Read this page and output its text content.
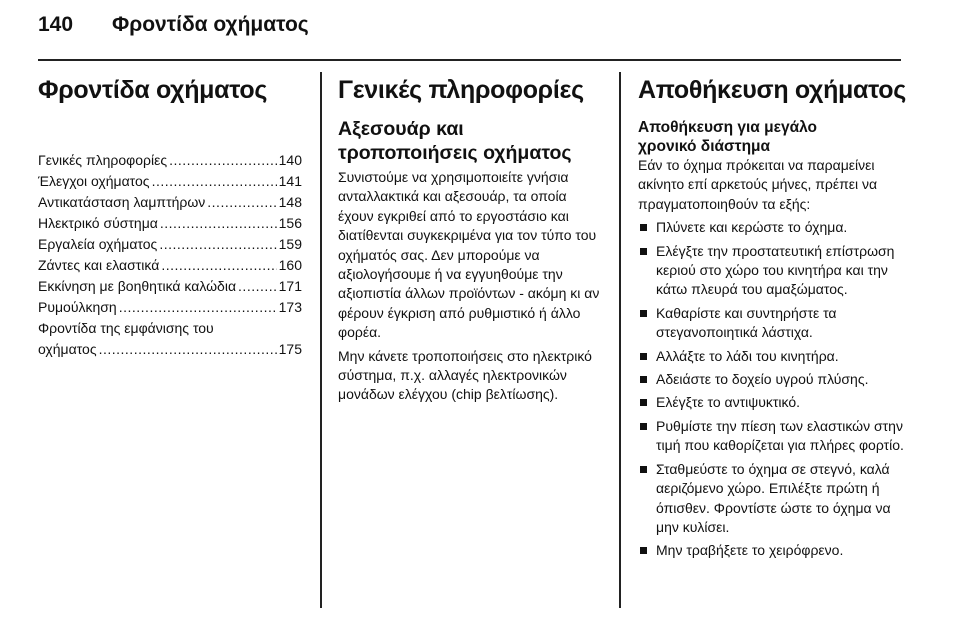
140 Φροντίδα οχήματος
Φροντίδα οχήματος
Γενικές πληροφορίες .....	140
Έλεγχοι οχήματος .....	141
Αντικατάσταση λαμπτήρων .....	148
Ηλεκτρικό σύστημα .....	156
Εργαλεία οχήματος .....	159
Ζάντες και ελαστικά .....	160
Εκκίνηση με βοηθητικά καλώδια .....	171
Ρυμούλκηση .....	173
Φροντίδα της εμφάνισης του
οχήματος .....	175
Γενικές πληροφορίες
Αξεσουάρ και
τροποποιήσεις οχήματος

Συνιστούμε να χρησιμοποιείτε γνήσια ανταλλακτικά και αξεσουάρ, τα οποία έχουν εγκριθεί από το εργοστάσιο και διατίθενται συγκεκριμένα για τον τύπο του οχήματός σας. Δεν μπορούμε να αξιολογήσουμε ή να εγγυηθούμε την αξιοπιστία άλλων προϊόντων - ακόμη κι αν φέρουν έγκριση από ρυθμιστικό ή άλλο φορέα.

Μην κάνετε τροποποιήσεις στο ηλεκτρικό σύστημα, π.χ. αλλαγές ηλεκτρονικών μονάδων ελέγχου (chip βελτίωσης).

Αποθήκευση οχήματος
Αποθήκευση για μεγάλο
χρονικό διάστημα

Εάν το όχημα πρόκειται να παραμείνει ακίνητο επί αρκετούς μήνες, πρέπει να πραγματοποιηθούν τα εξής:

Πλύνετε και κερώστε το όχημα.
Ελέγξτε την προστατευτική επίστρωση κεριού στο χώρο του κινητήρα και την κάτω πλευρά του αμαξώματος.
Καθαρίστε και συντηρήστε τα στεγανοποιητικά λάστιχα.
Αλλάξτε το λάδι του κινητήρα.
Αδειάστε το δοχείο υγρού πλύσης.
Ελέγξτε το αντιψυκτικό.
Ρυθμίστε την πίεση των ελαστικών στην τιμή που καθορίζεται για πλήρες φορτίο.
Σταθμεύστε το όχημα σε στεγνό, καλά αεριζόμενο χώρο. Επιλέξτε πρώτη ή όπισθεν. Φροντίστε ώστε το όχημα να μην κυλίσει.
Μην τραβήξετε το χειρόφρενο.
